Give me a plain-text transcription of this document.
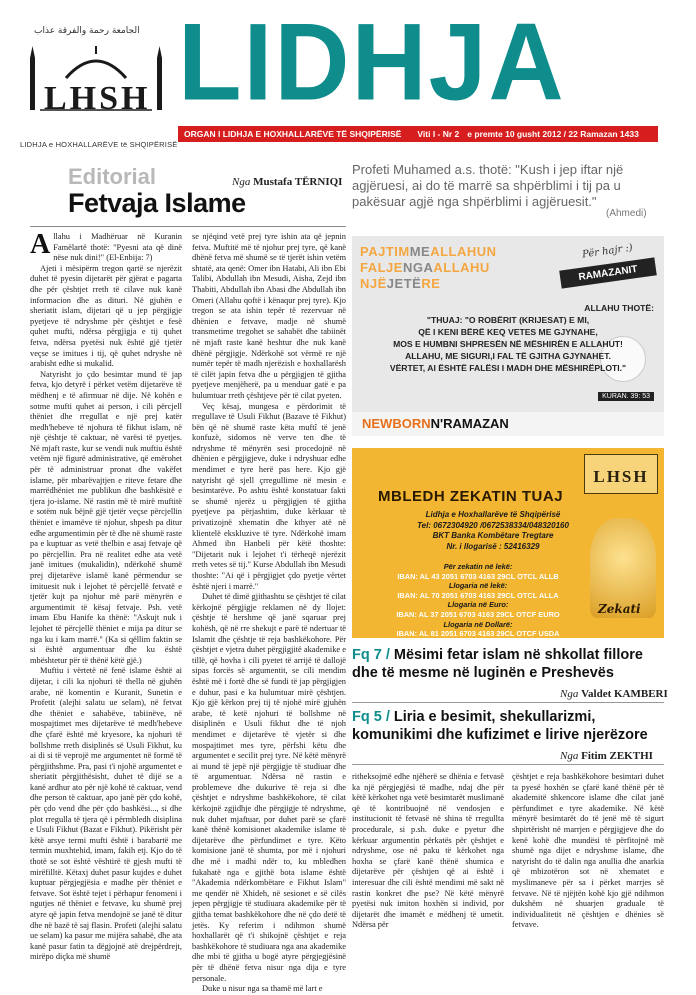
الجامعة رحمة والفرقة عذاب
LHSH
LIDHJA e HOXHALLARËVE të SHQIPËRISË
LIDHJA
ORGAN I LIDHJA E HOXHALLARËVE TË SHQIPËRISË Viti I - Nr 2 e premte 10 gusht 2012 / 22 Ramazan 1433
Editorial
Fetvaja Islame
Nga Mustafa TËRNIQI

Allahu i Madhëruar në Kuranin Famëlartë thotë: "Pyesni ata që dinë nëse nuk dini!" (El-Enbija: 7)

Ajeti i mësipërm tregon qartë se njerëzit duhet të pyesin dijetarët për gjërat e pagarta dhe për çështjet rreth të cilave nuk kanë informacion dhe as dituri. Në gjuhën e sheriatit islam, dijetari që u jep përgjigje pyetjeve të ndryshme për çështjet e fesë quhet mufti, ndërsa përgjigja e tij quhet fetva, ndërsa pyetësi nuk është gjë tjetër veçse se imitues i tij, që quhet ndryshe në arabisht edhe si mukalid.

Natyrisht jo çdo besimtar mund të jap fetva, kjo detyrë i përket vetëm dijetarëve të mëdhenj e të afirmuar në dije. Në kohën e sotme mufti quhet ai person, i cili përcjell thëniet dhe rregullat e një prej katër medh'hebeve të njohura të fikhut islam, në një çështje të caktuar, në varësi të pyetjes. Në mjaft raste, kur se vendi nuk muftiu është vetëm një figurë administrative, që emërohet për të administruar pronat dhe vakëfet islame, për mbarëvajtjen e riteve fetare dhe marrëdhëniet me publikun dhe bashkësitë e tjera jo-islame. Në rastin më të mirë muftitë e sotëm nuk bëjnë gjë tjetër veçse përcjellin thëniet e imamëve të njohur, shpesh pa ditur edhe argumentimin për të dhe në shumë raste pa e kuptuar as vetë thelbin e asaj fetvaje që po përcjellin. Pra në realitet edhe ata vetë janë imitues (mukalidin), ndërkohë shumë prej dijetarëve islamë kanë përmendur se imituesit nuk i lejohet të përcjellë fetvatë e tjetër kujt pa njohur më parë mënyrën e argumentimit të kësaj fetvaje. Psh. vetë imam Ebu Hanife ka thënë: "Askujt nuk i lejohet të përcjellë thëniet e mija pa ditur se nga ku i kam marrë." (Ka si qëllim faktin se si është argumentuar dhe ku është mbështetur për të thënë këtë gjë.)

Muftiu i vërtetë në fenë islame është ai dijetar, i cili ka njohuri të thella në gjuhën arabe, në komentin e Kuranit, Sunetin e Profetit (alejhi salatu ue selam), në fetvat dhe thëniet e sahabëve, tabiinëve, në mospajtimet mes dijetarëve të medh'hebeve dhe çfarë është më kryesore, ka njohuri të bollshme rreth disiplinës së Usuli Fikhut, ku ai di si të veprojë me argumentet në formë të përgjithshme. Pra, pasi t'i njohë argumentet e sheriatit përgjithësisht, duhet të dijë se a kanë ardhur ato për një kohë të caktuar, vend dhe person të caktuar, apo janë për çdo kohë, për çdo vend dhe për çdo bashkësi..., si dhe plot rregulla të tjera që i përmbledh disiplina e Usuli Fikhut (Bazat e Fikhut). Pikërisht për këtë arsye termi mufti është i barabartë me termin muxhtehid, imam, fakih etj. Kjo do të thotë se sot është vështirë të gjesh mufti të mirëfilltë. Këtaxj duhet pasur kujdes e duhet kuptuar përgjegjësia e madhe për thëniet e fetvave. Sot është tejet i përhapur fenomeni i ngutjes në thëniet e fetvave, ku shumë prej atyre që japin fetva mendojnë se janë të ditur dhe në bazë të saj flasin. Profeti (alejhi salatu ue selam) ka pasur me mijëra sahabë, dhe ata kanë pasur fatin ta dëgjojnë atë drejpërdrejt, mirëpo diçka më shumë

se njëqind vetë prej tyre ishin ata që jepnin fetva. Muftitë më të njohur prej tyre, që kanë dhënë fetva më shumë se të tjerët ishin vetëm shtatë, ata qenë: Omer ibn Hatabi, Ali ibn Ebi Talibi, Abdullah ibn Mesudi, Aisha, Zejd ibn Thabiti, Abdullah ibn Abasi dhe Abdullah ibn Omeri (Allahu qoftë i kënaqur prej tyre). Kjo tregon se ata ishin tepër të rezervuar në dhënien e fetvave, madje në shumë transmetime tregohet se sahabët dhe tabiinët në mjaft raste kanë heshtur dhe nuk kanë dhënë përgjigje. Ndërkohë sot vërmë re një numër tepër të madh njerëzish e hoxhallarësh të cilët japin fetva dhe u përgjigjen të gjitha pyetjeve menjëherë, pa u menduar gatë e pa hulumtuar rreth çështjeve për të cilat pyeten.

Veç kësaj, mungesa e përdorimit të rregullave të Usuli Fikhut (Bazave të Fikhut) bën që në shumë raste këta muftî të jenë konfuzë, sidomos në verve ten dhe të ndryshme të mënyrën sesi procedojnë në dhënien e përgjigjeve, duke i ndryshuar edhe mendimet e tyre herë pas here. Kjo gjë natyrisht që sjell çrregullime në mesin e besimtarëve. Po ashtu është konstatuar fakti se shumë njerëz u përgjigjen të gjitha pyetjeve pa përjashtim, duke kërkuar të privatizojnë xhematin dhe kthyer atë në klientelë ekskluzive të tyre. Ndërkohë imam Ahmed ibn Hanbeli për këtë thoshte: "Dijetarit nuk i lejohet t'i tërheqë njerëzit rreth vetes së tij." Kurse Abdullah ibn Mesudi thoshte: "Ai që i përgjigjet çdo pyetje vërtet është njeri i marrë."

Duhet të dimë gjithashtu se çështjet të cilat kërkojnë përgjigje reklamen në dy llojet: çështje të hershme që janë sqaruar prej kohësh, që në rre shekujt e parë të ndertuar të Islamit dhe çështje të reja bashkëkohore. Për çështjet e vjetra duhet përgjigjitë akademike e tillë, që hovha i cili pyetet të arrijë të dallojë sipas forcës së argumentit, se cili mendim është më i fortë dhe së fundi të jap përgjigjen e duhur, pasi e ka hulumtuar mirë çështjen. Kjo gjë kërkon prej tij të njohë mirë gjuhën arabe, të ketë njohuri të bollshme në disiplinën e Usuli fikhut dhe të njoh mendimet e dijetarëve të vjetër si dhe mospajtimet mes tyre, përfshi këtu dhe argumentet e secilit prej tyre. Në këtë mënyrë ai mund të jepë një përgjigje të studiuar dhe të argumentuar. Ndërsa në rastin e problemeve dhe dukurive të reja si dhe çështjet e ndryshme bashkëkohore, të cilat kërkojnë zgjidhje dhe përgjigje të ndryshme, nuk duhet mjaftuar, por duhet parë se çfarë kanë thënë komisionet akademike islame të dijetarëve dhe përfundimet e tyre. Këto komisione janë të shumta, por më i njohuri dhe më i madhi ndër to, ku mbledhen fukahatë nga e gjithë bota islame është "Akademia ndërkombëtare e Fikhut Islam" me qendër në Xhideh, në sesionet e së cilës jepen përgjigje të studiuara akademike për të gjitha temat bashkëkohore dhe në çdo detë të jetës. Ky referim i ndihmon shumë hoxhallarët që t'i shikojnë çështjet e reja bashkëkohore të studiuara nga ana akademike dhe mbi të gjitha u bogë atyre përgjegjësinë për të dhënë fetva nisur nga dija e tyre personale.

Duke u nisur nga sa thamë më lart e

ritheksojmë edhe njëherë se dhënia e fetvasë ka një përgjegjësi të madhe, ndaj dhe për këtë kërkohet nga vetë besimtarët muslimanë që të kontribuojnë në vendosjen e institucionit të fetvasë në shina të rregullta procedurale, si p.sh. duke e pyetur dhe kërkuar argumentin përkatës për çështjet e ndryshme, ose në paku të kërkohet nga hoxha se çfarë kanë thënë shumica e dijetarëve për çështjen që ai është i interesuar dhe cili është mendimi më sakt në rastin konkret dhe pse? Në këtë mënyrë pyetësi nuk imiton hoxhën si individ, por dijetarët dhe imamët e mëdhenj të umetit. Ndërsa për

çështjet e reja bashkëkohore besimtari duhet ta pyesë hoxhën se çfarë kanë thënë për të akademitë shkencore islame dhe cilat janë përfundimet e tyre akademike. Në këtë mënyrë besimtarët do të jenë më të sigurt shpirtërisht në marrjen e përgjigjeve dhe do kenë kohë dhe mundësi të përfitojnë më shumë nga dijet e ndryshme islame, dhe natyrisht do të dalin nga anullia dhe anarkia që mbizotëron sot në xhematet e myslimaneve për sa i përket marrjes së fetvave. Në të njëjtën kohë kjo gjë ndihmon dukshëm në shuarjen graduale të individualitetit në çështjen e dhënies së fetvave.

Profeti Muhamed a.s. thotë: "Kush i jep iftar një agjëruesi, ai do të marrë sa shpërblimi i tij pa u pakësuar agjë nga shpërblimi i agjëruesit."
(Ahmedi)
PAJTIMMEALLAHUN
FALJENGAALLAHU
NJËJETËRE
Për hajr :)
RAMAZANIT
ALLAHU THOTË:
"THUAJ: "O ROBËRIT (KRIJESAT) E MI,
QË I KENI BËRË KEQ VETES ME GJYNAHE,
MOS E HUMBNI SHPRESËN NË MËSHIRËN E ALLAHUT!
ALLAHU, ME SIGURI,I FAL TË GJITHA GJYNAHET.
VËRTET, AI ËSHTË FALËSI I MADH DHE MËSHIRËPLOTI."
KURAN. 39: 53
NEWBORNN'RAMAZAN
LHSH
MBLEDH ZEKATIN TUAJ
Lidhja e Hoxhallarëve të Shqipërisë
Tel: 0672304920 /0672538334/048320160
BKT Banka Kombëtare Tregtare
Nr. i llogarisë : 52416329
Për zekatin në lekë:
IBAN: AL 43 2051 6703 4163 29CL OTCL ALLB
Llogaria në lekë:
IBAN: AL 70 2051 6703 4163 29CL OTCL ALLA
Llogaria në Euro:
IBAN: AL 37 2051 6703 4163 29CL OTCF EURO
Llogaria në Dollarë:
IBAN: AL 81 2051 6703 4163 29CL OTCF USDA
Zekati
Fq 7 / Mësimi fetar islam në shkollat fillore dhe të mesme në luginën e Preshevës
Nga Valdet KAMBERI
Fq 5 / Liria e besimit, shekullarizmi, komunikimi dhe kufizimet e lirive njerëzore
Nga Fitim ZEKTHI
